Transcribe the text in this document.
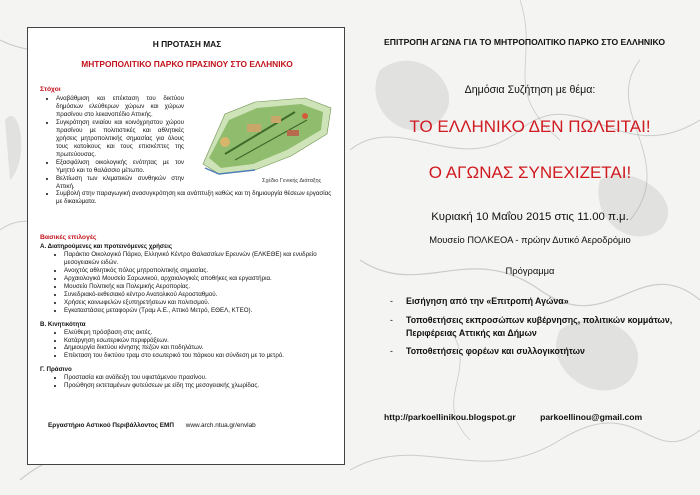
Η ΠΡΟΤΑΣΗ ΜΑΣ
ΜΗΤΡΟΠΟΛΙΤΙΚΟ ΠΑΡΚΟ ΠΡΑΣΙΝΟΥ ΣΤΟ ΕΛΛΗΝΙΚΟ
Στόχοι
• Αναβάθμιση και επέκταση του δικτύου δημόσιων ελεύθερων χώρων και χώρων πρασίνου στο λεκανοπέδιο Αττικής.
• Συγκρότηση ενιαίου και κοινόχρηστου χώρου πρασίνου με πολιτιστικές και αθλητικές χρήσεις μητροπολιτικής σημασίας για όλους τους κατοίκους και τους επισκέπτες της πρωτεύουσας.
• Εξασφάλιση οικολογικής ενότητας με τον Υμηττό και το θαλάσσιο μέτωπο.
• Βελτίωση των κλιματικών συνθηκών στην Αττική.
• Συμβολή στην παραγωγική ανασυγκρότηση και ανάπτυξη καθώς και τη δημιουργία θέσεων εργασίας με δικαιώματα.
Σχέδιο Γενικής Διάταξης
Βασικές επιλογές
Α. Διατηρούμενες και προτεινόμενες χρήσεις
• Παράκτιο Οικολογικό Πάρκο, Ελληνικό Κέντρο Θαλασσίων Ερευνών (ΕΛΚΕΘΕ) και ενυδρείο μεσογειακών ειδών.
• Ανοιχτός αθλητικός πόλος μητροπολιτικής σημασίας.
• Αρχαιολογικό Μουσείο Σαρωνικού, αρχαιολογικές αποθήκες και εργαστήρια.
• Μουσείο Πολιτικής και Πολεμικής Αεροπορίας.
• Συνεδριακό-εκθεσιακό κέντρο Ανατολικού Αεροσταθμού.
• Χρήσεις κοινωφελών εξυπηρετήσεων και πολιτισμού.
• Εγκαταστάσεις μεταφορών (Τραμ Α.Ε., Αττικό Μετρό, ΕΘΕΛ, ΚΤΕΟ).
Β. Κινητικότητα
• Ελεύθερη πρόσβαση στις ακτές.
• Κατάργηση εσωτερικών περιφράξεων.
• Δημιουργία δικτύου κίνησης πεζών και ποδηλάτων.
• Επέκταση του δικτύου τραμ στο εσωτερικό του πάρκου και σύνδεση με το μετρό.
Γ. Πράσινο
• Προστασία και ανάδειξη του υφιστάμενου πρασίνου.
• Προώθηση εκτεταμένων φυτεύσεων με είδη της μεσογειακής χλωρίδας.
Εργαστήριο Αστικού Περιβάλλοντος ΕΜΠ www.arch.ntua.gr/envlab
ΕΠΙΤΡΟΠΗ ΑΓΩΝΑ ΓΙΑ ΤΟ ΜΗΤΡΟΠΟΛΙΤΙΚΟ ΠΑΡΚΟ ΣΤΟ ΕΛΛΗΝΙΚΟ
Δημόσια Συζήτηση με θέμα:
ΤΟ ΕΛΛΗΝΙΚΟ ΔΕΝ ΠΩΛΕΙΤΑΙ!
Ο ΑΓΩΝΑΣ ΣΥΝΕΧΙΖΕΤΑΙ!
Κυριακή 10 Μαΐου 2015 στις 11.00 π.μ.
Μουσείο ΠΟΛΚΕΟΑ - πρώην Δυτικό Αεροδρόμιο
Πρόγραμμα
- Εισήγηση από την «Επιτροπή Αγώνα»
- Τοποθετήσεις εκπροσώπων κυβέρνησης, πολιτικών κομμάτων, Περιφέρειας Αττικής και Δήμων
- Τοποθετήσεις φορέων και συλλογικοτήτων
http://parkoellinikou.blogspot.gr	parkoellinou@gmail.com
